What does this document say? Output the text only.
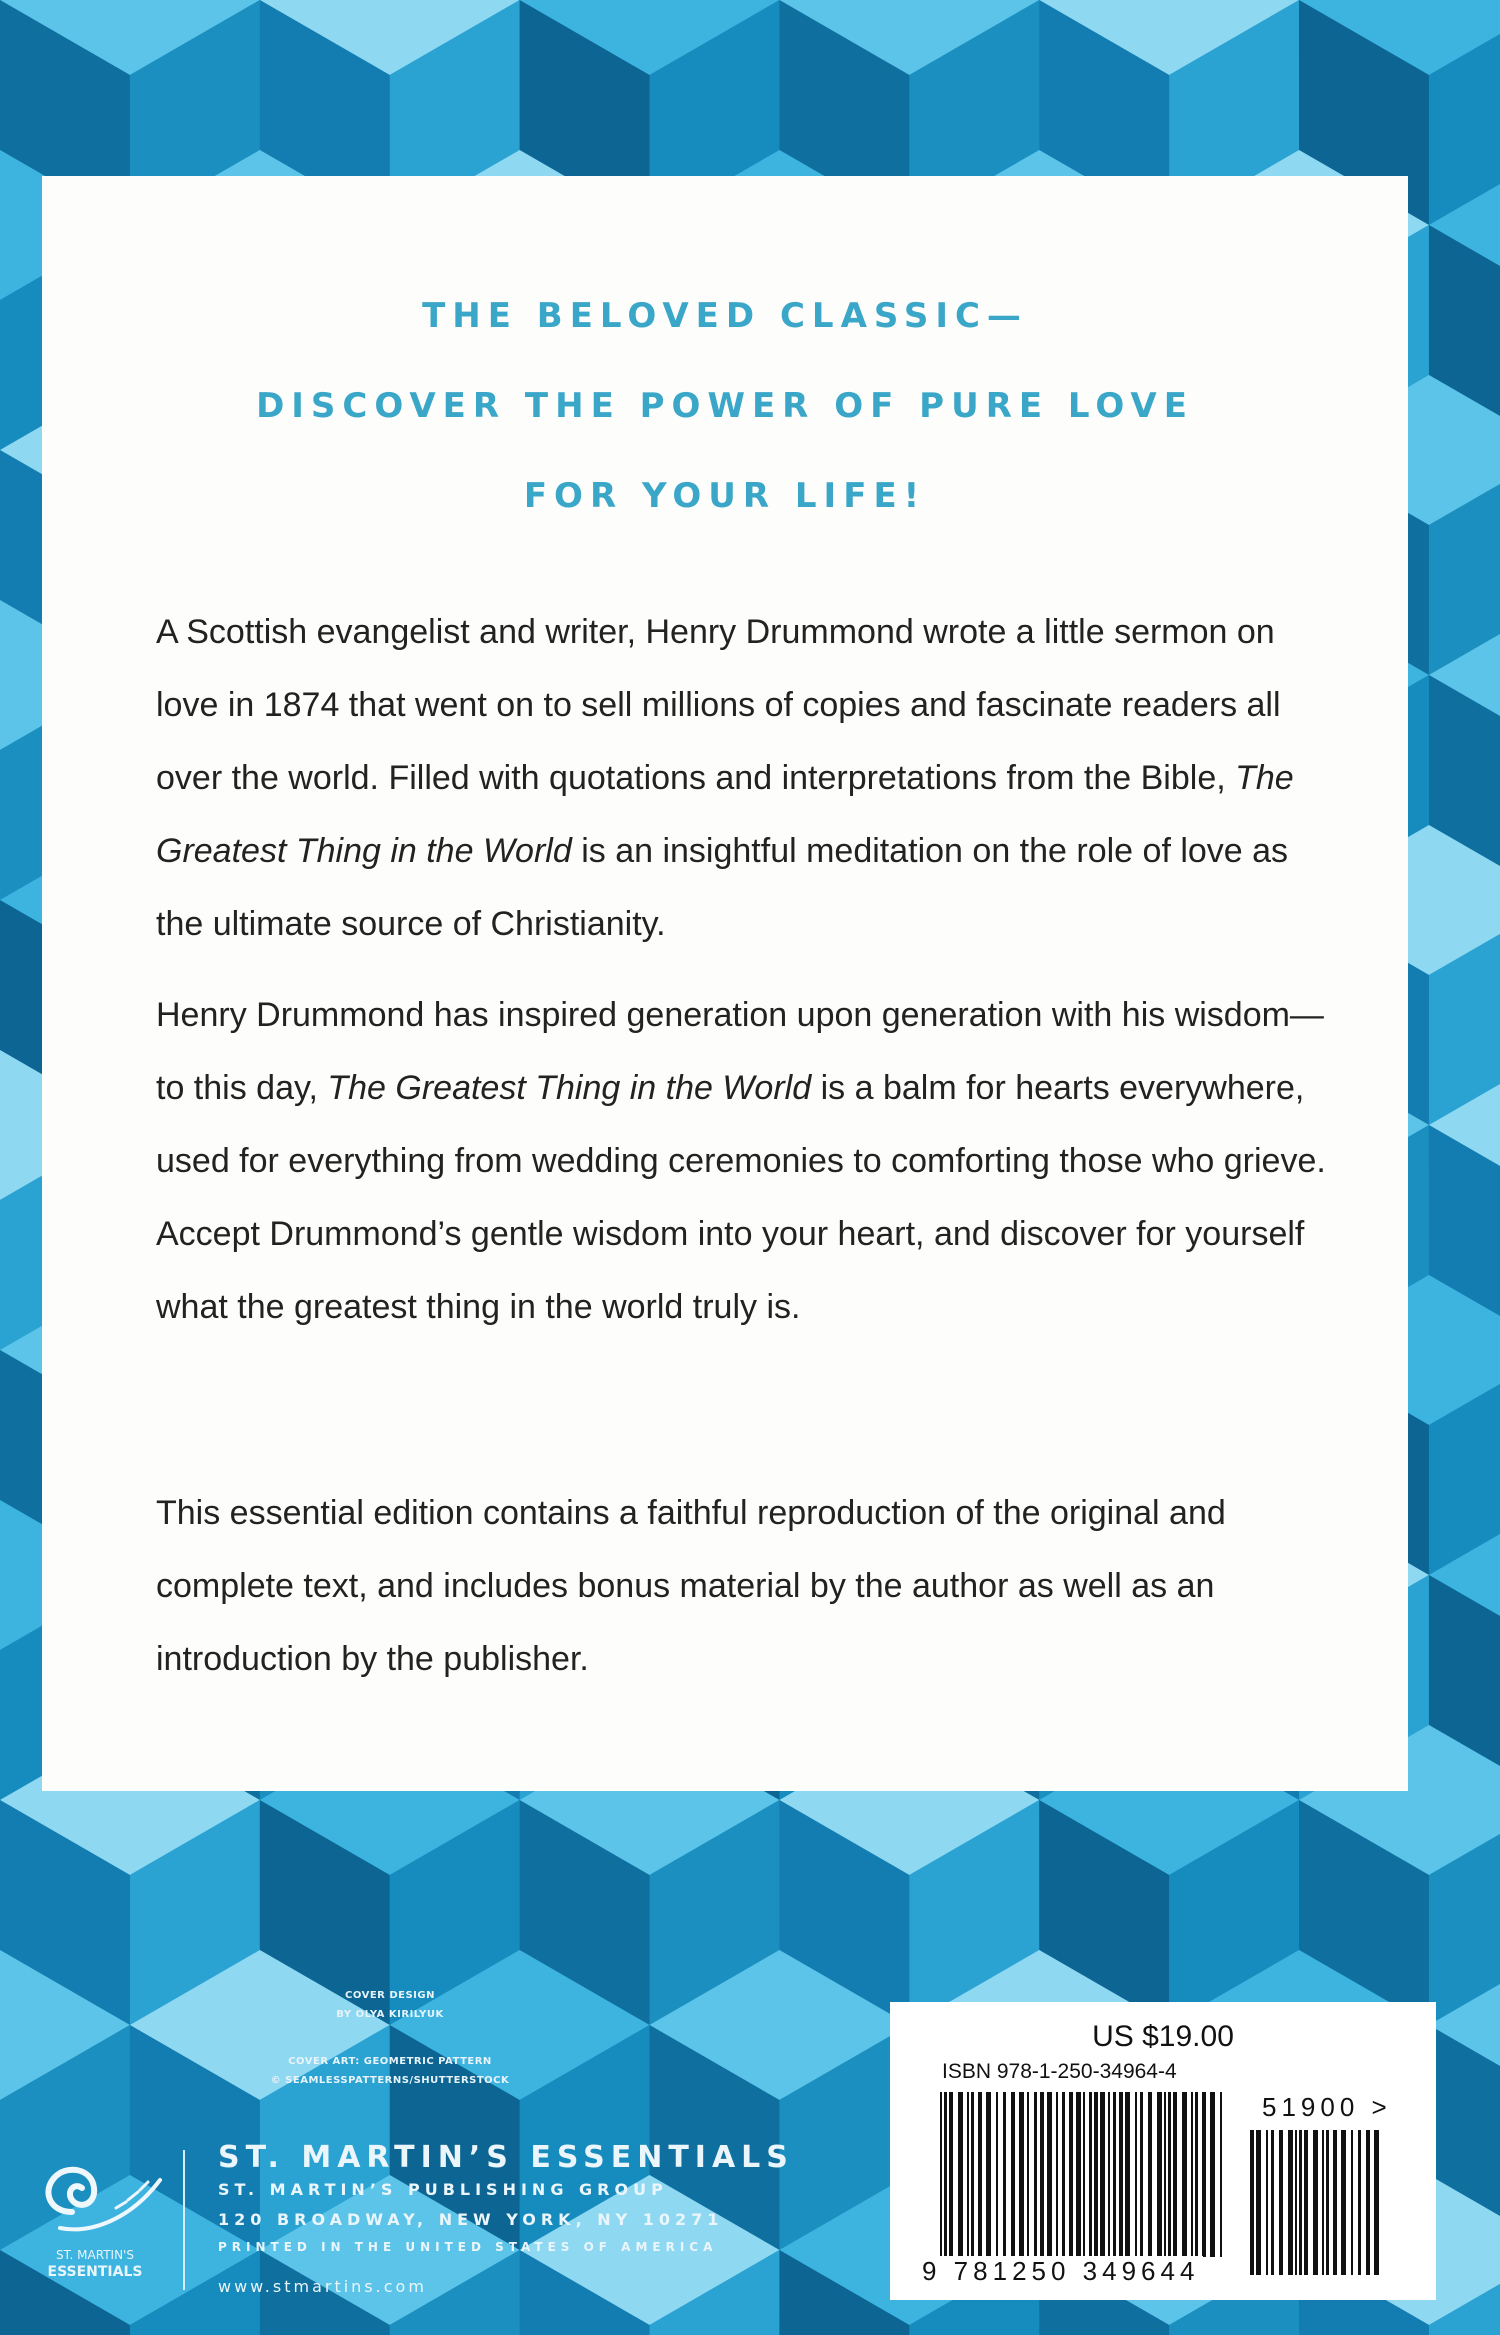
THE BELOVED CLASSIC—
DISCOVER THE POWER OF PURE LOVE
FOR YOUR LIFE!

A Scottish evangelist and writer, Henry Drummond wrote a little sermon on love in 1874 that went on to sell millions of copies and fascinate readers all over the world. Filled with quotations and interpretations from the Bible, The Greatest Thing in the World is an insightful meditation on the role of love as the ultimate source of Christianity.

Henry Drummond has inspired generation upon generation with his wisdom—to this day, The Greatest Thing in the World is a balm for hearts everywhere, used for everything from wedding ceremonies to comforting those who grieve. Accept Drummond’s gentle wisdom into your heart, and discover for yourself what the greatest thing in the world truly is.

This essential edition contains a faithful reproduction of the original and complete text, and includes bonus material by the author as well as an introduction by the publisher.

COVER DESIGN
BY OLYA KIRILYUK
COVER ART: GEOMETRIC PATTERN
© SEAMLESSPATTERNS/SHUTTERSTOCK
ST. MARTIN'S
ESSENTIALS
ST. MARTIN’S ESSENTIALS
ST. MARTIN’S PUBLISHING GROUP
120 BROADWAY, NEW YORK, NY 10271
PRINTED IN THE UNITED STATES OF AMERICA
www.stmartins.com
US $19.00
ISBN 978-1-250-34964-4
51900 >
9 781250 349644
